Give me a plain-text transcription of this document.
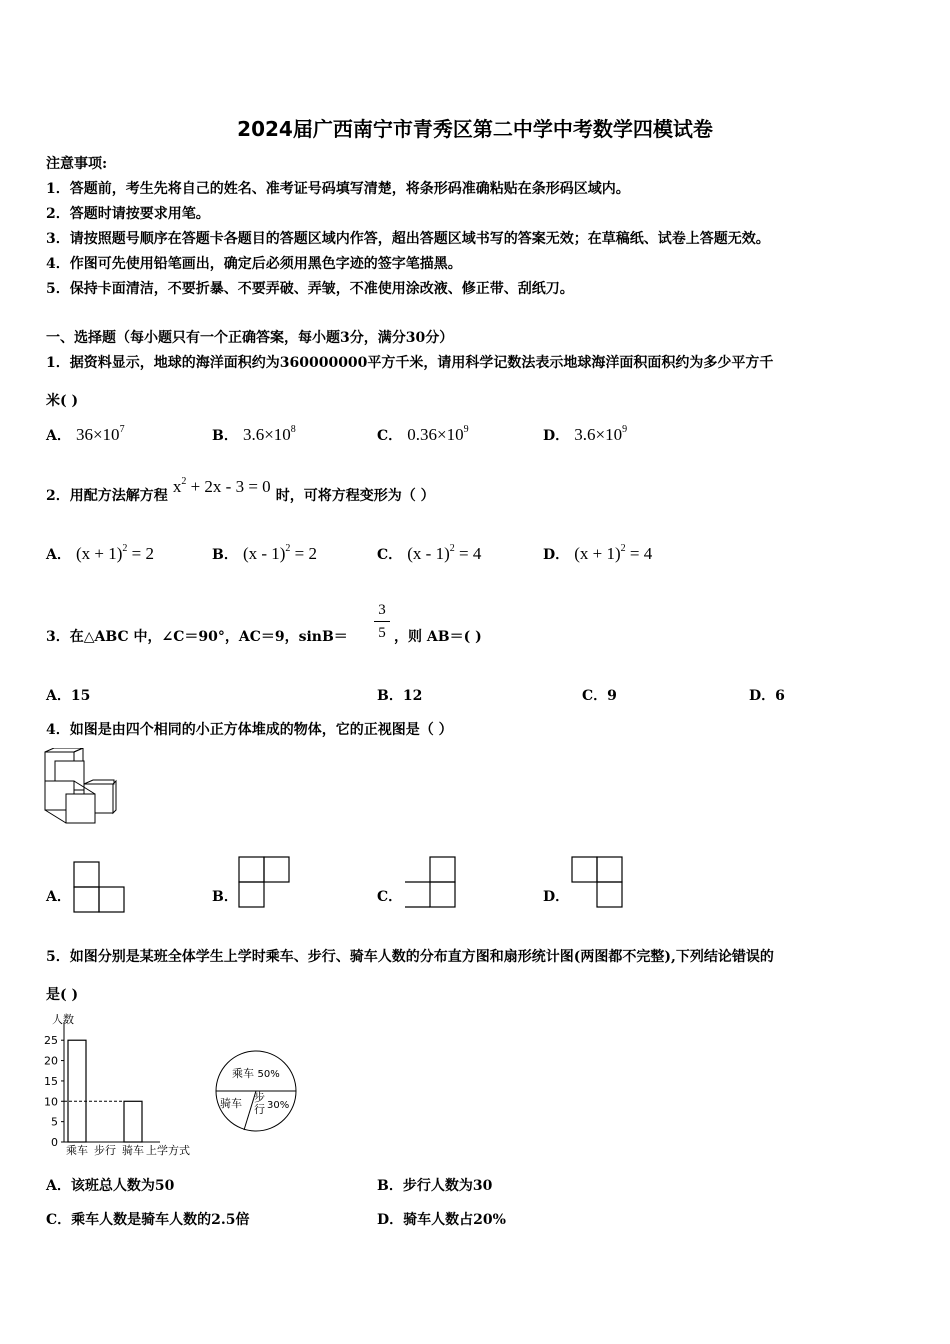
2024届广西南宁市青秀区第二中学中考数学四模试卷
注意事项:
1．答题前，考生先将自己的姓名、准考证号码填写清楚，将条形码准确粘贴在条形码区域内。
2．答题时请按要求用笔。
3．请按照题号顺序在答题卡各题目的答题区域内作答，超出答题区域书写的答案无效；在草稿纸、试卷上答题无效。
4．作图可先使用铅笔画出，确定后必须用黑色字迹的签字笔描黑。
5．保持卡面清洁，不要折暴、不要弄破、弄皱，不准使用涂改液、修正带、刮纸刀。
一、选择题（每小题只有一个正确答案，每小题3分，满分30分）
1．据资料显示，地球的海洋面积约为360000000平方千米，请用科学记数法表示地球海洋面积面积约为多少平方千
米( )
A． $36\times 10^7$	B． $3.6\times 10^8$	C． $0.36\times 10^9$	D． $3.6\times 10^9$
2．用配方法解方程 $x^2 + 2x - 3 = 0$ 时，可将方程变形为（ ）
A． $(x + 1)^2 = 2$	B． (x - 1)$^2$ = 2	C． (x - 1)$^2$ = 4	D． $(x + 1)^2 = 4$
3．在△ABC 中，∠C＝90°，AC＝9，sinB＝
3
5 ，则 AB＝( )
A．15	B．12	C．9	D．6
4．如图是由四个相同的小正方体堆成的物体，它的正视图是（ ）
A．	B．	C．	D．
5．如图分别是某班全体学生上学时乘车、步行、骑车人数的分布直方图和扇形统计图(两图都不完整),下列结论错误的
是( )
人数
0
5
10
15
20
25
乘车 步行 骑车 上学方式
乘车 50%
骑车 步行 30%
A．该班总人数为50	B．步行人数为30
C．乘车人数是骑车人数的2.5倍	D．骑车人数占20%
